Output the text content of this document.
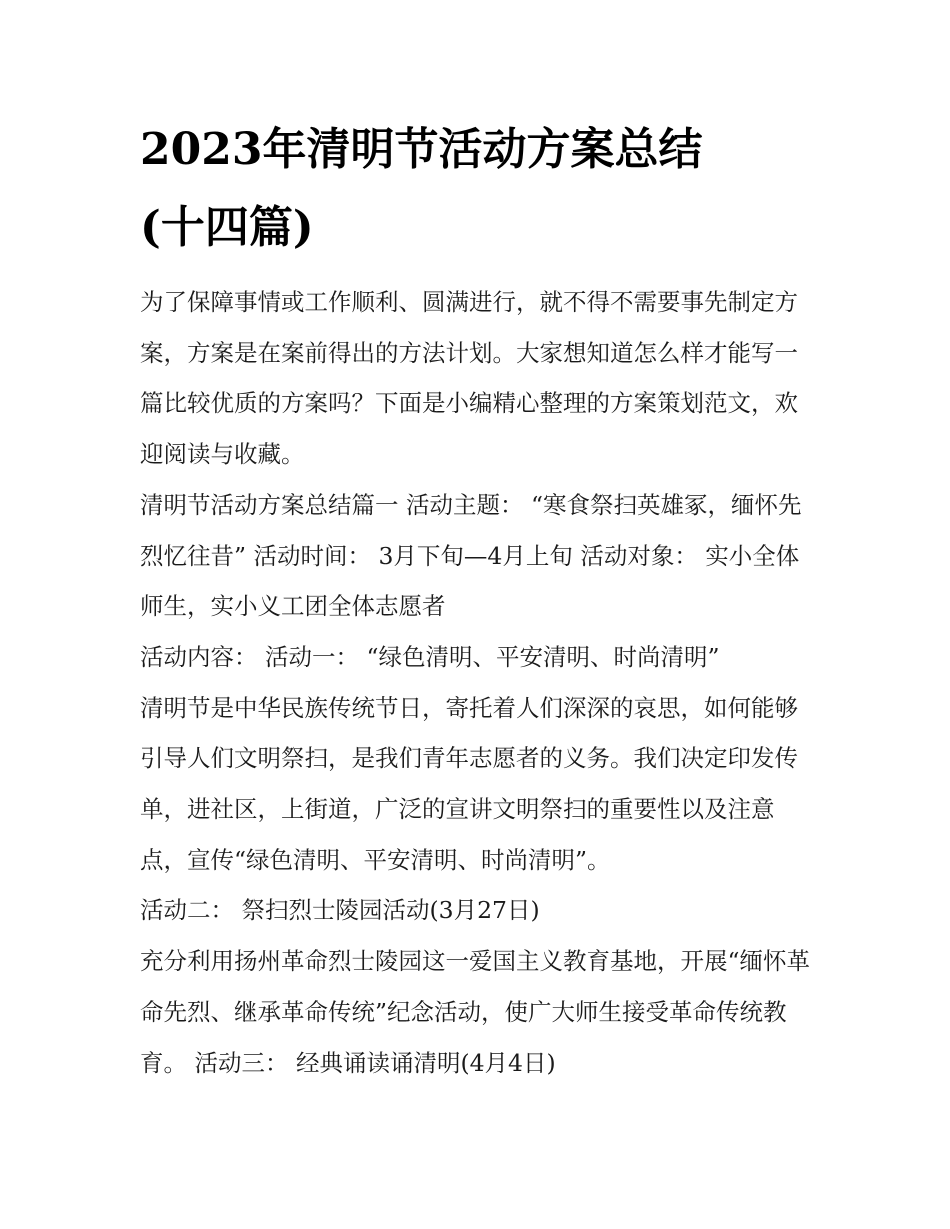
2023年清明节活动方案总结
(十四篇)

为了保障事情或工作顺利、圆满进行，就不得不需要事先制定方案，方案是在案前得出的方法计划。大家想知道怎么样才能写一篇比较优质的方案吗？下面是小编精心整理的方案策划范文，欢迎阅读与收藏。

清明节活动方案总结篇一 活动主题： “寒食祭扫英雄冢，缅怀先烈忆往昔” 活动时间： 3月下旬—4月上旬 活动对象： 实小全体师生，实小义工团全体志愿者

活动内容： 活动一： “绿色清明、平安清明、时尚清明”

清明节是中华民族传统节日，寄托着人们深深的哀思，如何能够引导人们文明祭扫，是我们青年志愿者的义务。我们决定印发传单，进社区，上街道，广泛的宣讲文明祭扫的重要性以及注意点，宣传“绿色清明、平安清明、时尚清明”。

活动二： 祭扫烈士陵园活动(3月27日)

充分利用扬州革命烈士陵园这一爱国主义教育基地，开展“缅怀革命先烈、继承革命传统”纪念活动，使广大师生接受革命传统教育。 活动三： 经典诵读诵清明(4月4日)
